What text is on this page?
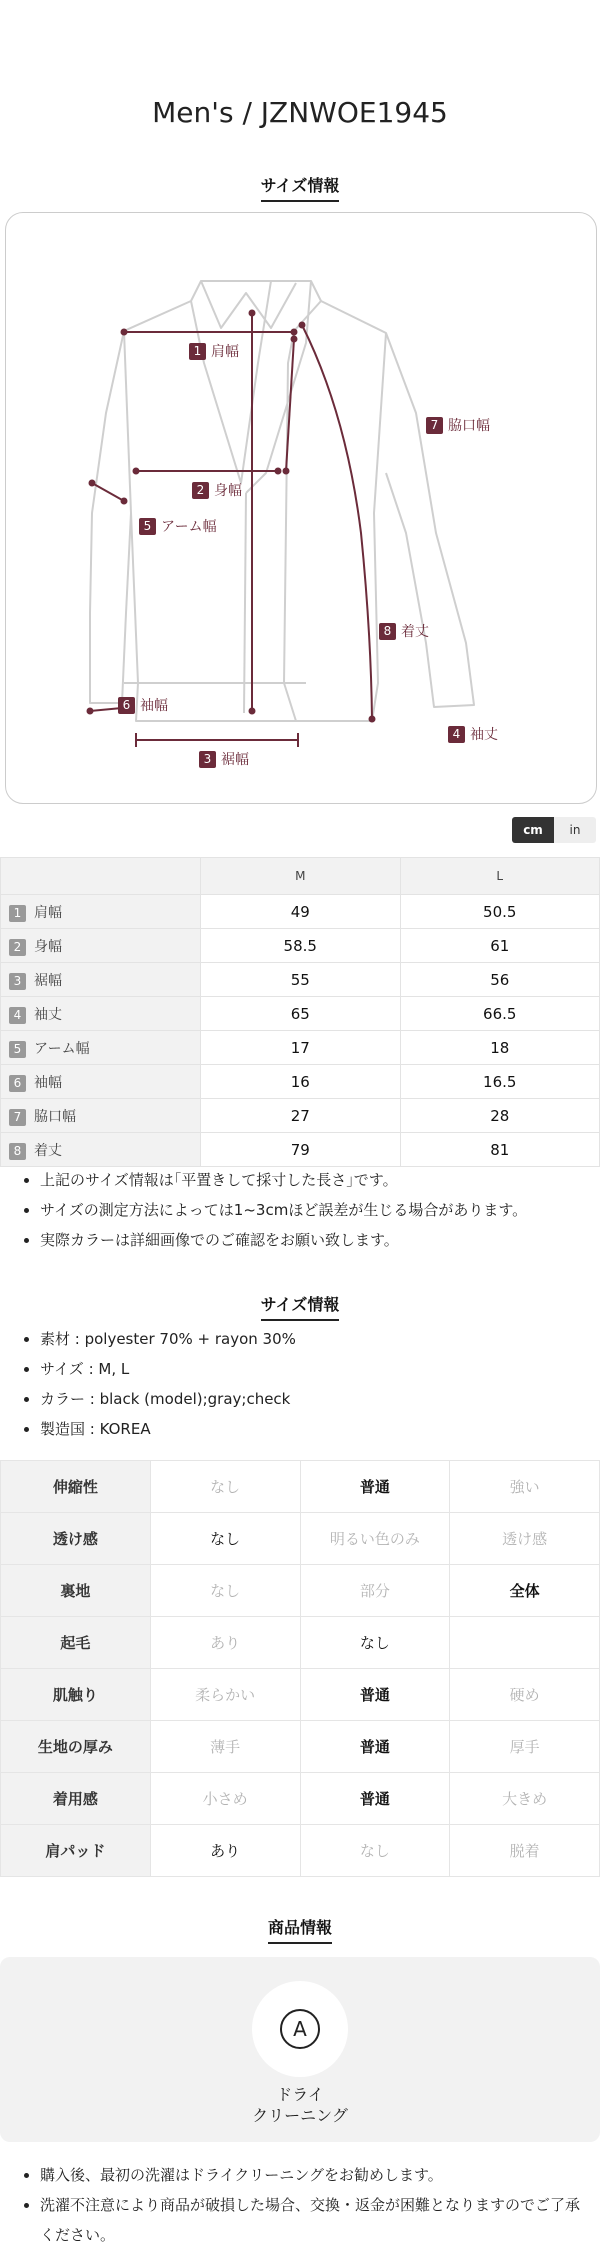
Men's / JZNWOE1945
サイズ情報
1 肩幅
2 身幅
3 裾幅
4 袖丈
5 アーム幅
6 袖幅
7 脇口幅
8 着丈
cm	in
	M	L
1 肩幅	49	50.5
2 身幅	58.5	61
3 裾幅	55	56
4 袖丈	65	66.5
5 アーム幅	17	18
6 袖幅	16	16.5
7 脇口幅	27	28
8 着丈	79	81
• 上記のサイズ情報は｢平置きして採寸した長さ｣です。
• サイズの測定方法によっては1~3cmほど誤差が生じる場合があります。
• 実際カラーは詳細画像でのご確認をお願い致します。
サイズ情報
• 素材 : polyester 70% + rayon 30%
• サイズ : M, L
• カラー : black (model);gray;check
• 製造国 : KOREA
伸縮性	なし	普通	強い
透け感	なし	明るい色のみ	透け感
裏地	なし	部分	全体
起毛	あり	なし	
肌触り	柔らかい	普通	硬め
生地の厚み	薄手	普通	厚手
着用感	小さめ	普通	大きめ
肩パッド	あり	なし	脱着
商品情報
A
ドライ
クリーニング
• 購入後、最初の洗濯はドライクリーニングをお勧めします。
• 洗濯不注意により商品が破損した場合、交換・返金が困難となりますのでご了承ください。
